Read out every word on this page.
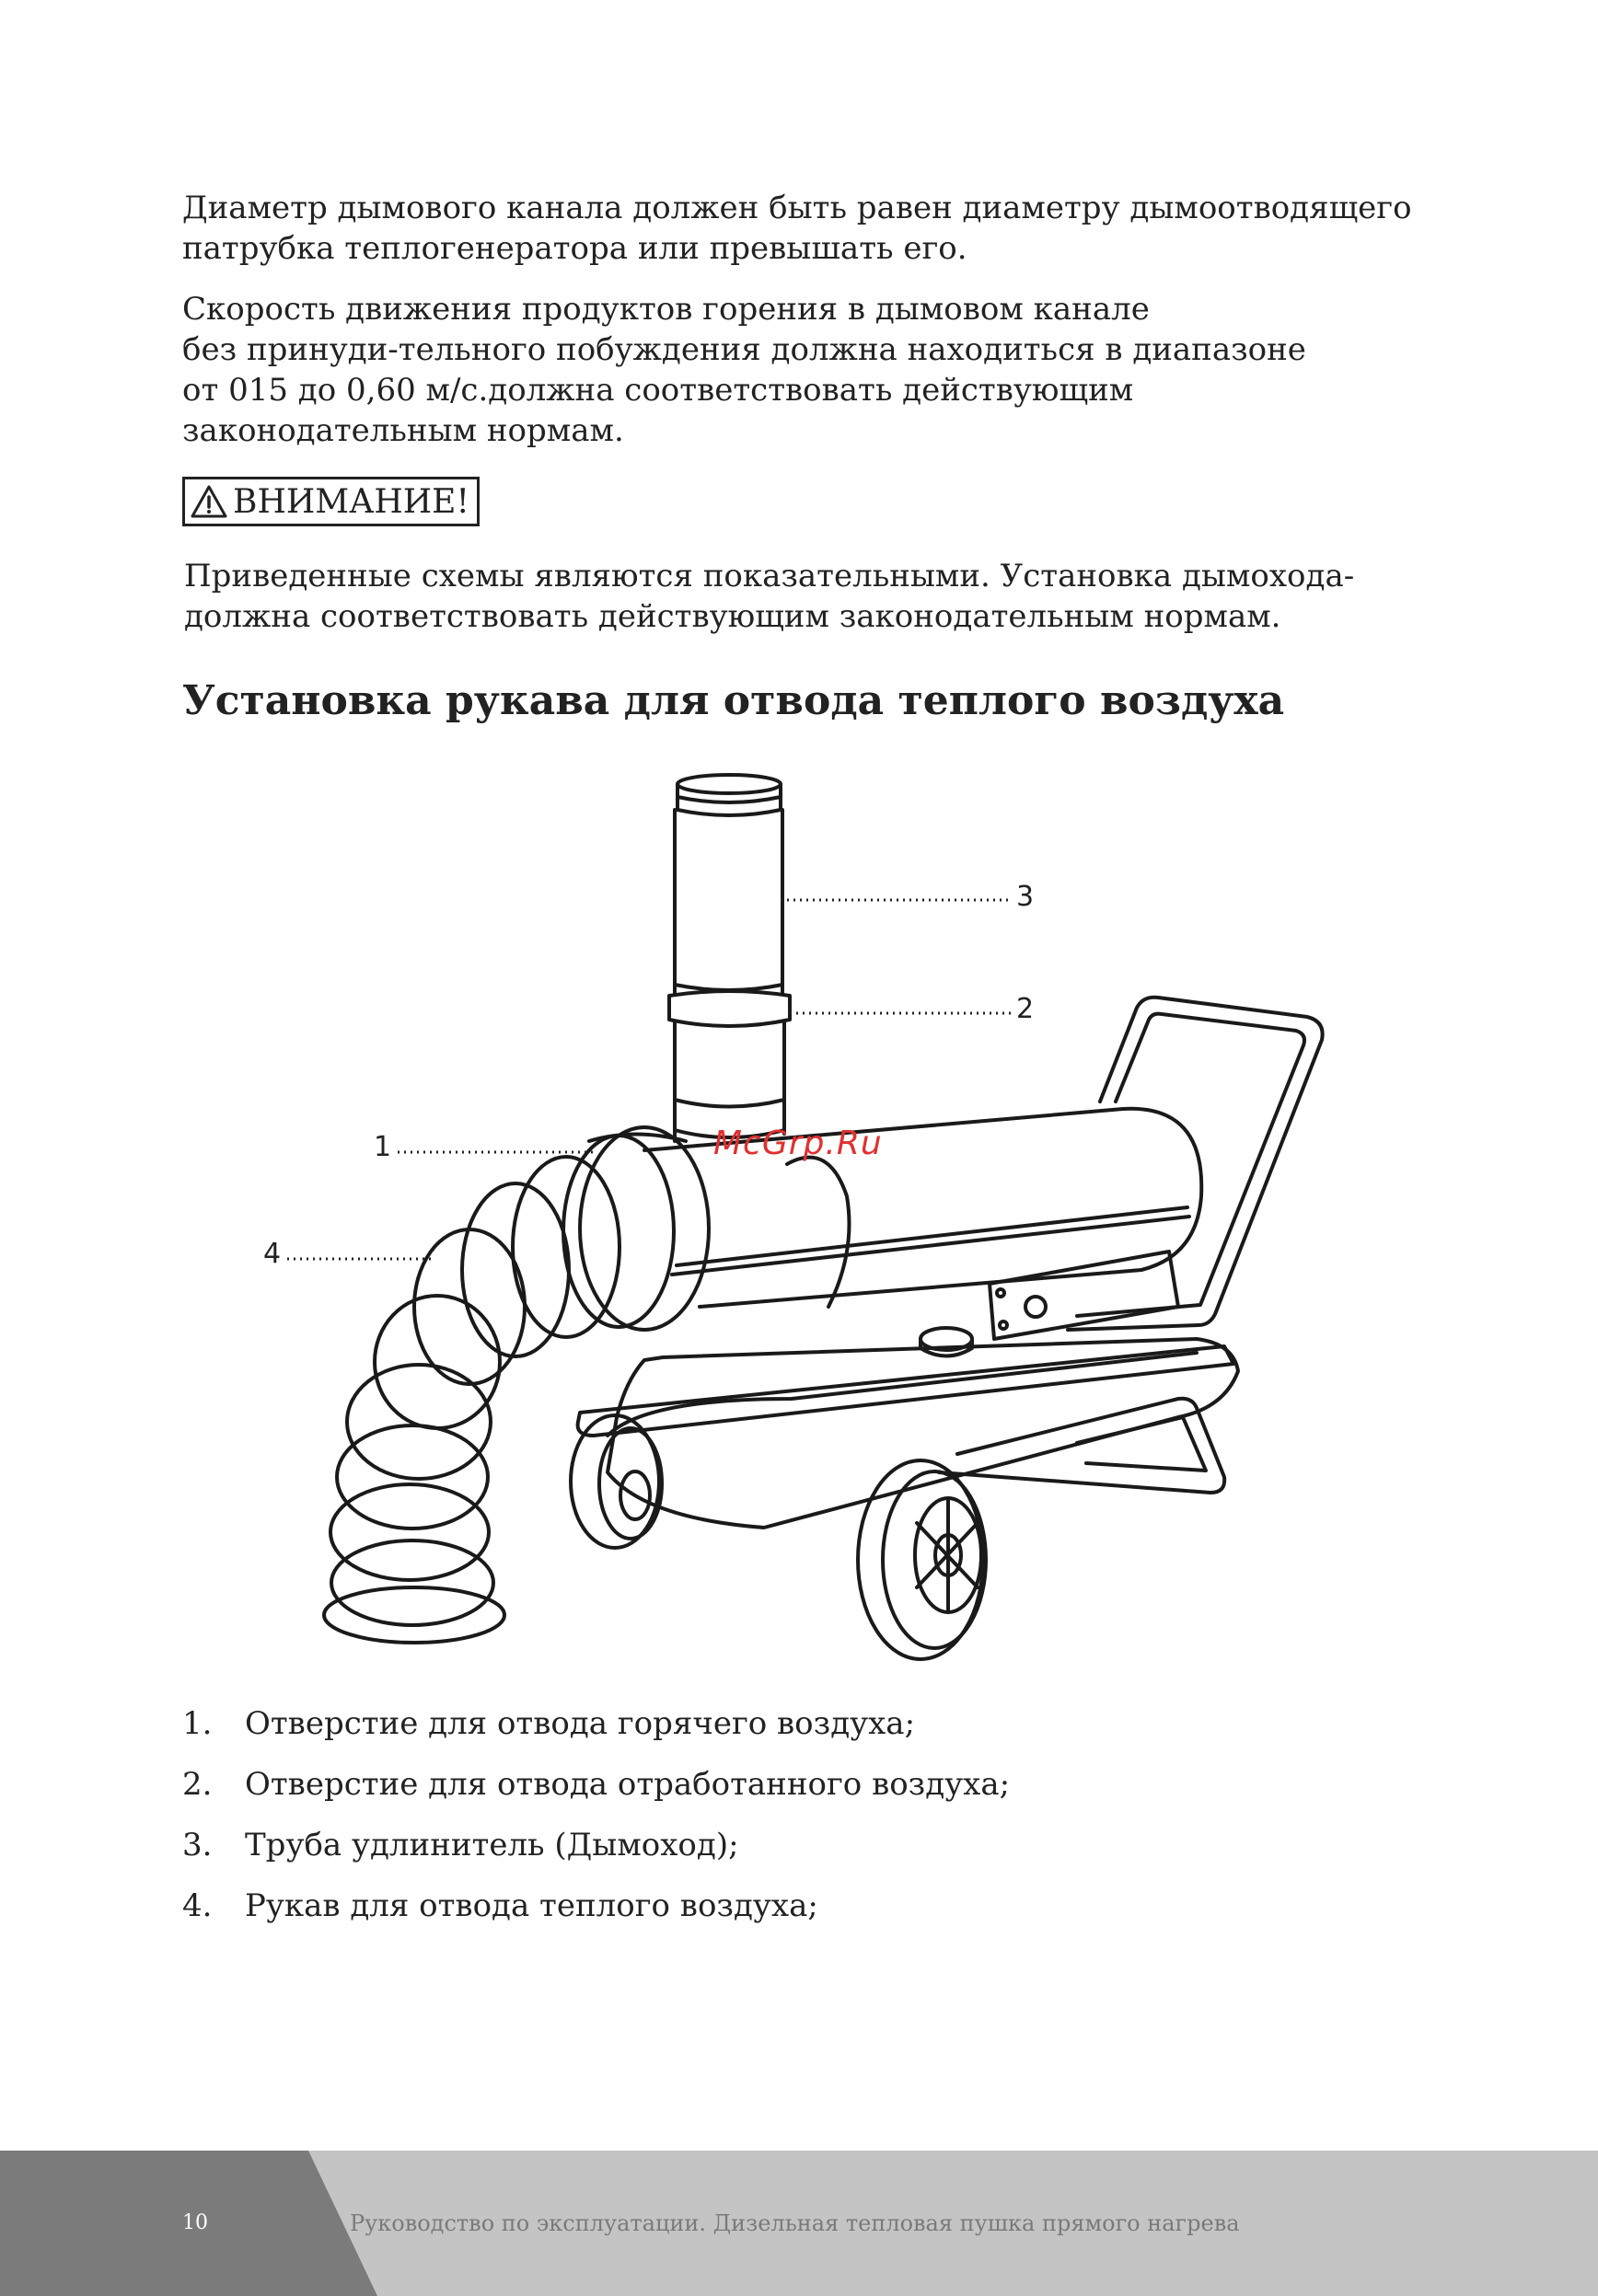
Диаметр дымового канала должен быть равен диаметру дымоотводящего
патрубка теплогенератора или превышать его.

Скорость движения продуктов горения в дымовом канале
без принуди-тельного побуждения должна находиться в диапазоне
от 015 до 0,60 м/с.должна соответствовать действующим
законодательным нормам.

ВНИМАНИЕ!

Приведенные схемы являются показательными. Установка дымохода-
должна соответствовать действующим законодательным нормам.

Установка рукава для отвода теплого воздуха
1
2
3
4
McGrp.Ru
1.	Отверстие для отвода горячего воздуха;
2.	Отверстие для отвода отработанного воздуха;
3.	Труба удлинитель (Дымоход);
4.	Рукав для отвода теплого воздуха;
10	Руководство по эксплуатации. Дизельная тепловая пушка прямого нагрева
